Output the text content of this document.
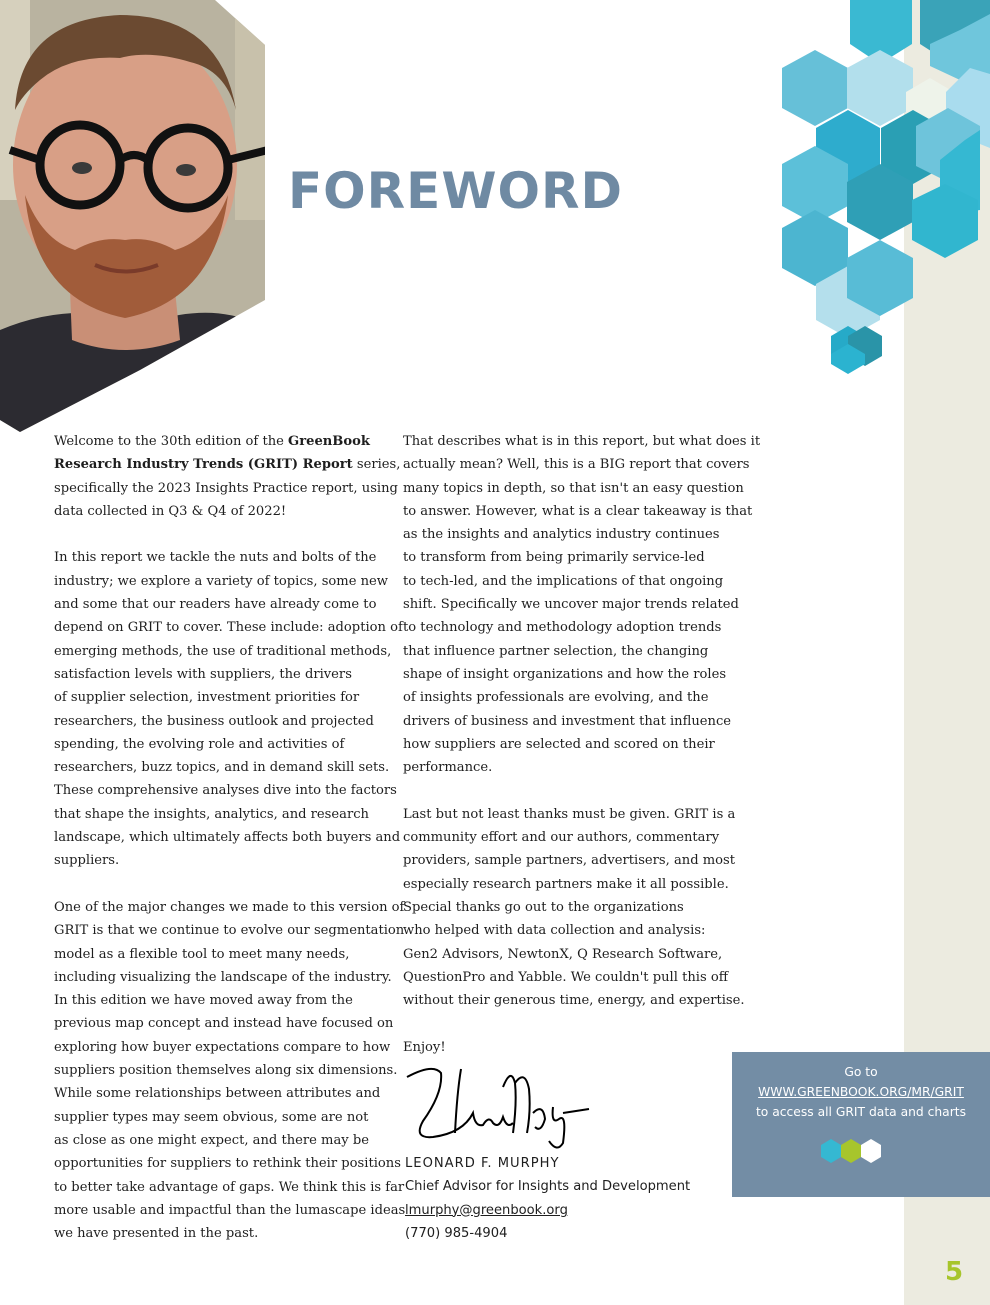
FOREWORD

Welcome to the 30th edition of the GreenBook
Research Industry Trends (GRIT) Report series,
specifically the 2023 Insights Practice report, using
data collected in Q3 & Q4 of 2022!

In this report we tackle the nuts and bolts of the
industry; we explore a variety of topics, some new
and some that our readers have already come to
depend on GRIT to cover. These include: adoption of
emerging methods, the use of traditional methods,
satisfaction levels with suppliers, the drivers
of supplier selection, investment priorities for
researchers, the business outlook and projected
spending, the evolving role and activities of
researchers, buzz topics, and in demand skill sets.
These comprehensive analyses dive into the factors
that shape the insights, analytics, and research
landscape, which ultimately affects both buyers and
suppliers.

One of the major changes we made to this version of
GRIT is that we continue to evolve our segmentation
model as a flexible tool to meet many needs,
including visualizing the landscape of the industry.
In this edition we have moved away from the
previous map concept and instead have focused on
exploring how buyer expectations compare to how
suppliers position themselves along six dimensions.
While some relationships between attributes and
supplier types may seem obvious, some are not
as close as one might expect, and there may be
opportunities for suppliers to rethink their positions
to better take advantage of gaps. We think this is far
more usable and impactful than the lumascape ideas
we have presented in the past.

That describes what is in this report, but what does it
actually mean? Well, this is a BIG report that covers
many topics in depth, so that isn't an easy question
to answer. However, what is a clear takeaway is that
as the insights and analytics industry continues
to transform from being primarily service-led
to tech-led, and the implications of that ongoing
shift. Specifically we uncover major trends related
to technology and methodology adoption trends
that influence partner selection, the changing
shape of insight organizations and how the roles
of insights professionals are evolving, and the
drivers of business and investment that influence
how suppliers are selected and scored on their
performance.

Last but not least thanks must be given. GRIT is a
community effort and our authors, commentary
providers, sample partners, advertisers, and most
especially research partners make it all possible.
Special thanks go out to the organizations
who helped with data collection and analysis:
Gen2 Advisors, NewtonX, Q Research Software,
QuestionPro and Yabble. We couldn't pull this off
without their generous time, energy, and expertise.

Enjoy!

LEONARD F. MURPHY
Chief Advisor for Insights and Development
lmurphy@greenbook.org
(770) 985-4904
Go to
WWW.GREENBOOK.ORG/MR/GRIT
to access all GRIT data and charts
5
